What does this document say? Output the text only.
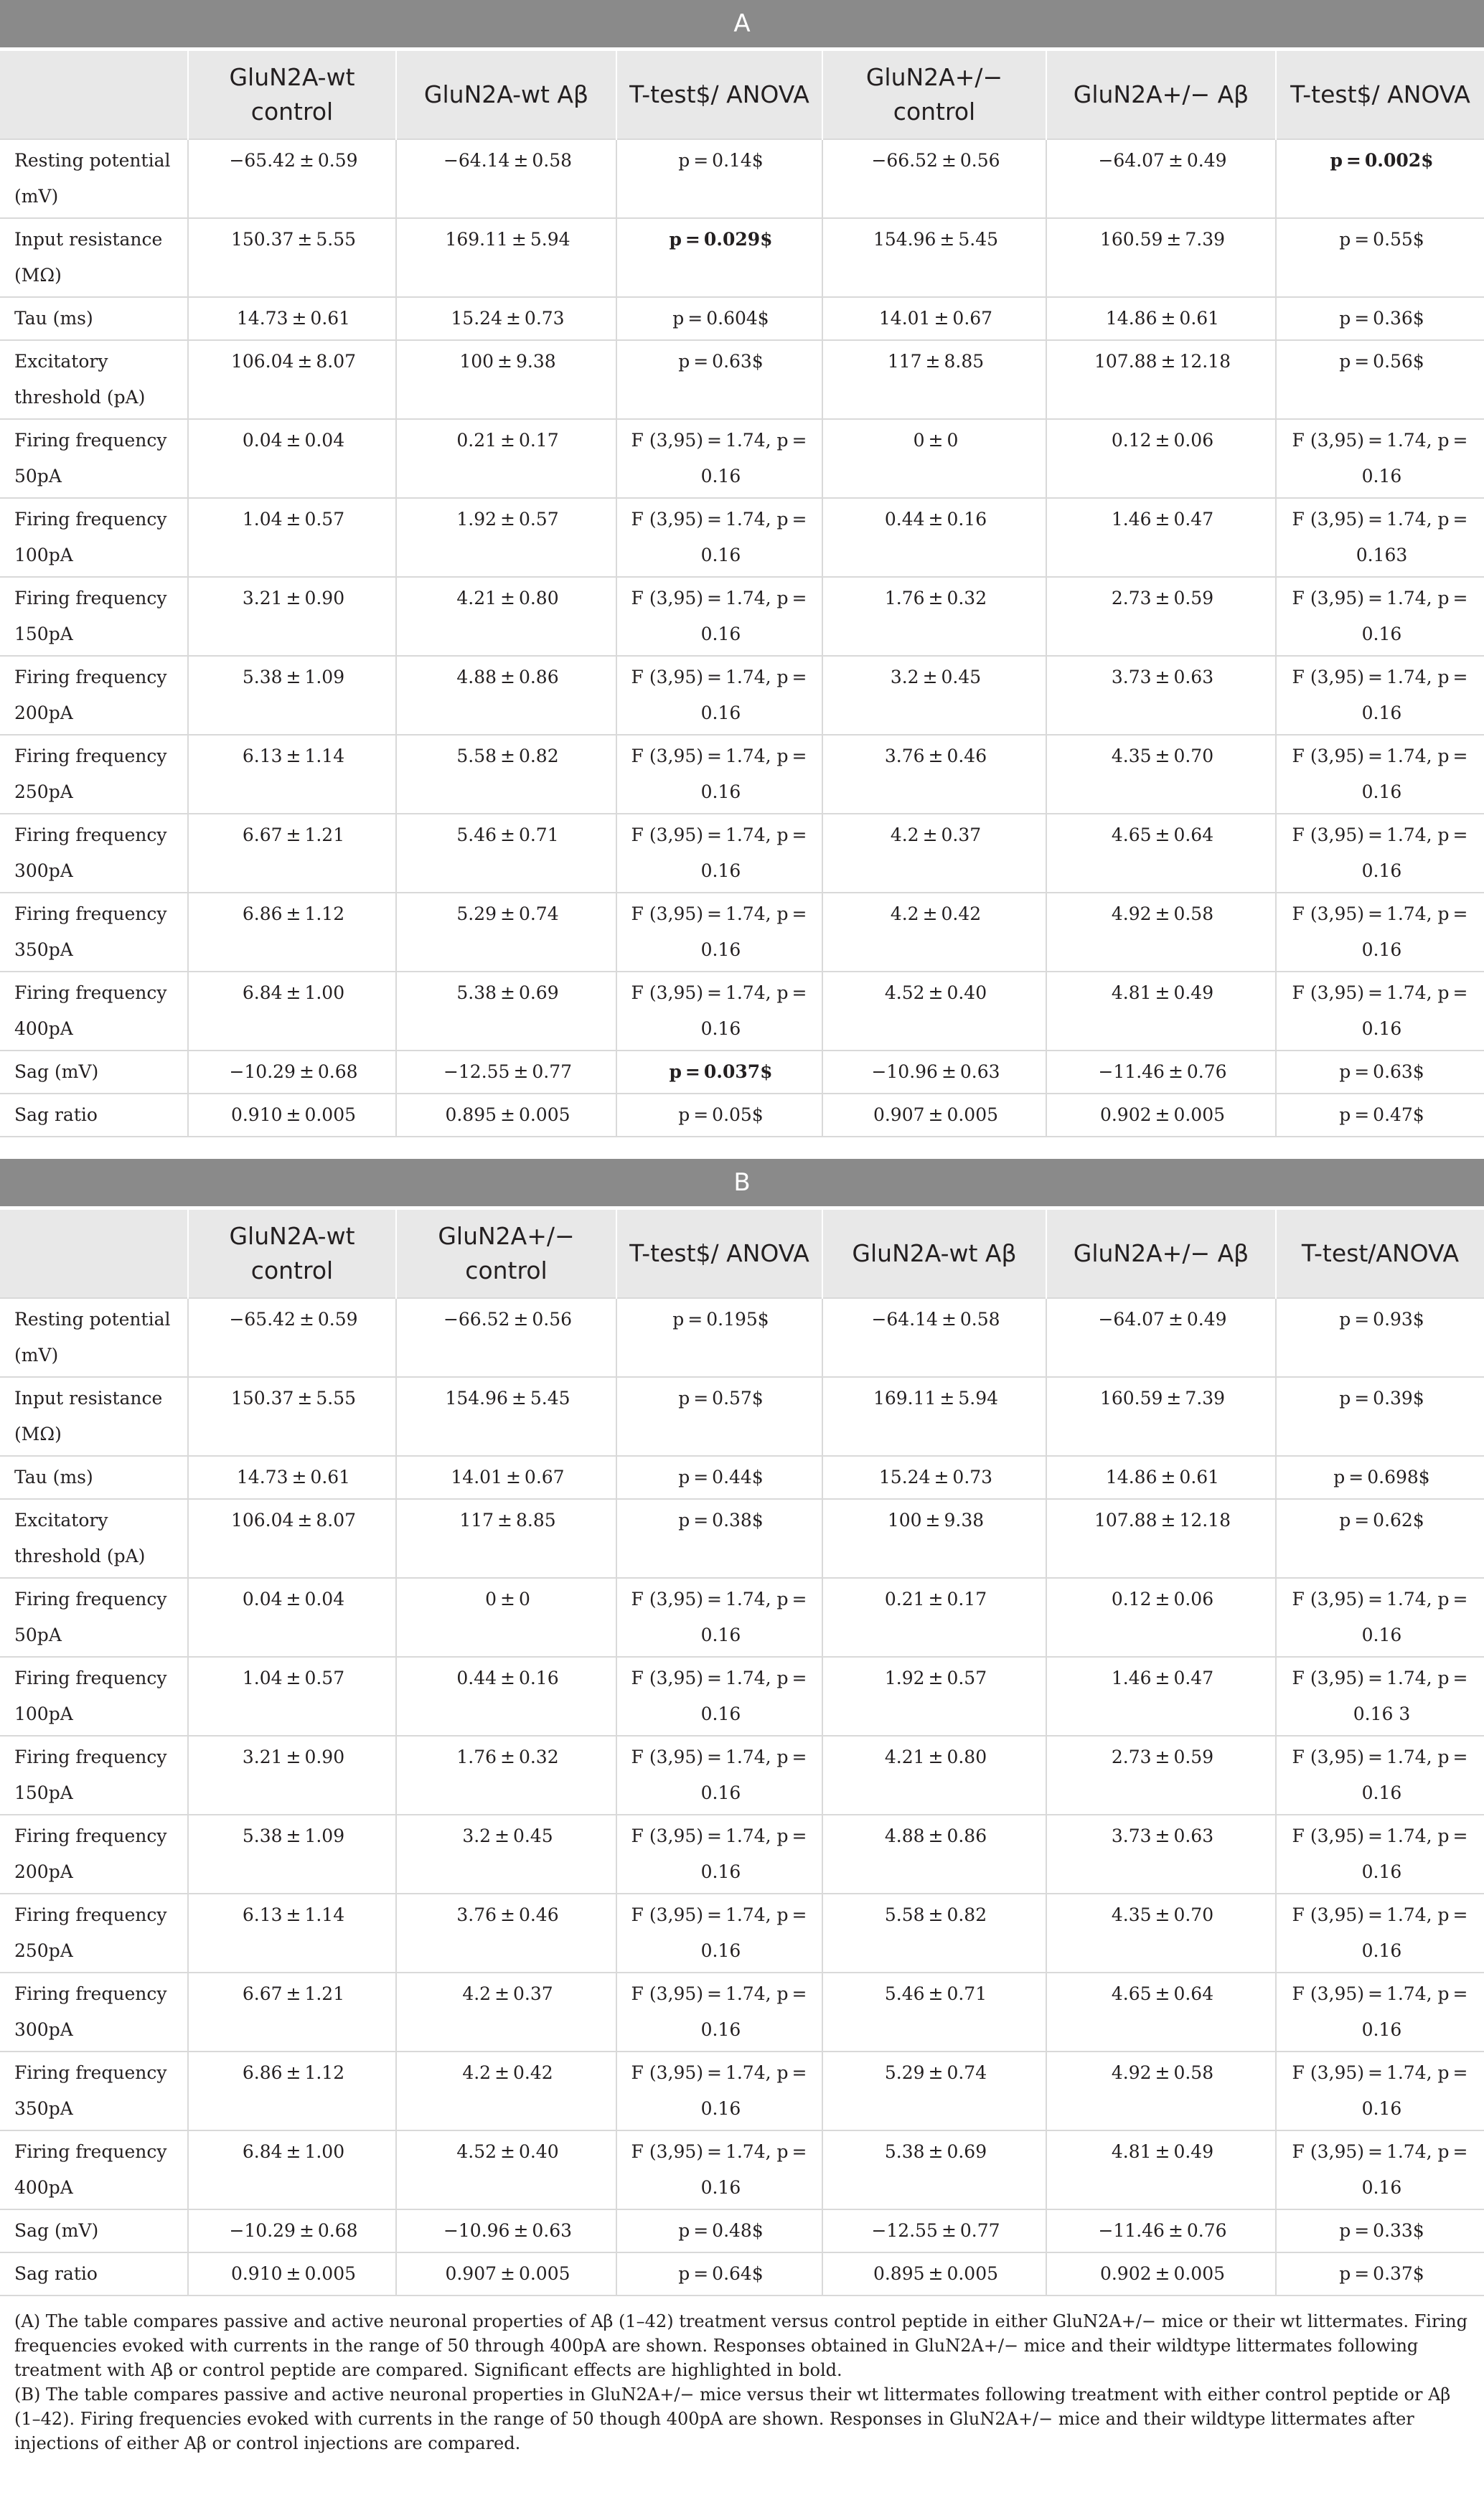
A
	GluN2A-wt control	GluN2A-wt Aβ	T-test$/ ANOVA	GluN2A+/− control	GluN2A+/− Aβ	T-test$/ ANOVA
Resting potential (mV)	−65.42 ± 0.59	−64.14 ± 0.58	p = 0.14$	−66.52 ± 0.56	−64.07 ± 0.49	p = 0.002$
Input resistance (MΩ)	150.37 ± 5.55	169.11 ± 5.94	p = 0.029$	154.96 ± 5.45	160.59 ± 7.39	p = 0.55$
Tau (ms)	14.73 ± 0.61	15.24 ± 0.73	p = 0.604$	14.01 ± 0.67	14.86 ± 0.61	p = 0.36$
Excitatory threshold (pA)	106.04 ± 8.07	100 ± 9.38	p = 0.63$	117 ± 8.85	107.88 ± 12.18	p = 0.56$
Firing frequency 50pA	0.04 ± 0.04	0.21 ± 0.17	F (3,95) = 1.74, p = 0.16	0 ± 0	0.12 ± 0.06	F (3,95) = 1.74, p = 0.16
Firing frequency 100pA	1.04 ± 0.57	1.92 ± 0.57	F (3,95) = 1.74, p = 0.16	0.44 ± 0.16	1.46 ± 0.47	F (3,95) = 1.74, p = 0.163
Firing frequency 150pA	3.21 ± 0.90	4.21 ± 0.80	F (3,95) = 1.74, p = 0.16	1.76 ± 0.32	2.73 ± 0.59	F (3,95) = 1.74, p = 0.16
Firing frequency 200pA	5.38 ± 1.09	4.88 ± 0.86	F (3,95) = 1.74, p = 0.16	3.2 ± 0.45	3.73 ± 0.63	F (3,95) = 1.74, p = 0.16
Firing frequency 250pA	6.13 ± 1.14	5.58 ± 0.82	F (3,95) = 1.74, p = 0.16	3.76 ± 0.46	4.35 ± 0.70	F (3,95) = 1.74, p = 0.16
Firing frequency 300pA	6.67 ± 1.21	5.46 ± 0.71	F (3,95) = 1.74, p = 0.16	4.2 ± 0.37	4.65 ± 0.64	F (3,95) = 1.74, p = 0.16
Firing frequency 350pA	6.86 ± 1.12	5.29 ± 0.74	F (3,95) = 1.74, p = 0.16	4.2 ± 0.42	4.92 ± 0.58	F (3,95) = 1.74, p = 0.16
Firing frequency 400pA	6.84 ± 1.00	5.38 ± 0.69	F (3,95) = 1.74, p = 0.16	4.52 ± 0.40	4.81 ± 0.49	F (3,95) = 1.74, p = 0.16
Sag (mV)	−10.29 ± 0.68	−12.55 ± 0.77	p = 0.037$	−10.96 ± 0.63	−11.46 ± 0.76	p = 0.63$
Sag ratio	0.910 ± 0.005	0.895 ± 0.005	p = 0.05$	0.907 ± 0.005	0.902 ± 0.005	p = 0.47$
B
	GluN2A-wt control	GluN2A+/− control	T-test$/ ANOVA	GluN2A-wt Aβ	GluN2A+/− Aβ	T-test/ANOVA
Resting potential (mV)	−65.42 ± 0.59	−66.52 ± 0.56	p = 0.195$	−64.14 ± 0.58	−64.07 ± 0.49	p = 0.93$
Input resistance (MΩ)	150.37 ± 5.55	154.96 ± 5.45	p = 0.57$	169.11 ± 5.94	160.59 ± 7.39	p = 0.39$
Tau (ms)	14.73 ± 0.61	14.01 ± 0.67	p = 0.44$	15.24 ± 0.73	14.86 ± 0.61	p = 0.698$
Excitatory threshold (pA)	106.04 ± 8.07	117 ± 8.85	p = 0.38$	100 ± 9.38	107.88 ± 12.18	p = 0.62$
Firing frequency 50pA	0.04 ± 0.04	0 ± 0	F (3,95) = 1.74, p = 0.16	0.21 ± 0.17	0.12 ± 0.06	F (3,95) = 1.74, p = 0.16
Firing frequency 100pA	1.04 ± 0.57	0.44 ± 0.16	F (3,95) = 1.74, p = 0.16	1.92 ± 0.57	1.46 ± 0.47	F (3,95) = 1.74, p = 0.16 3
Firing frequency 150pA	3.21 ± 0.90	1.76 ± 0.32	F (3,95) = 1.74, p = 0.16	4.21 ± 0.80	2.73 ± 0.59	F (3,95) = 1.74, p = 0.16
Firing frequency 200pA	5.38 ± 1.09	3.2 ± 0.45	F (3,95) = 1.74, p = 0.16	4.88 ± 0.86	3.73 ± 0.63	F (3,95) = 1.74, p = 0.16
Firing frequency 250pA	6.13 ± 1.14	3.76 ± 0.46	F (3,95) = 1.74, p = 0.16	5.58 ± 0.82	4.35 ± 0.70	F (3,95) = 1.74, p = 0.16
Firing frequency 300pA	6.67 ± 1.21	4.2 ± 0.37	F (3,95) = 1.74, p = 0.16	5.46 ± 0.71	4.65 ± 0.64	F (3,95) = 1.74, p = 0.16
Firing frequency 350pA	6.86 ± 1.12	4.2 ± 0.42	F (3,95) = 1.74, p = 0.16	5.29 ± 0.74	4.92 ± 0.58	F (3,95) = 1.74, p = 0.16
Firing frequency 400pA	6.84 ± 1.00	4.52 ± 0.40	F (3,95) = 1.74, p = 0.16	5.38 ± 0.69	4.81 ± 0.49	F (3,95) = 1.74, p = 0.16
Sag (mV)	−10.29 ± 0.68	−10.96 ± 0.63	p = 0.48$	−12.55 ± 0.77	−11.46 ± 0.76	p = 0.33$
Sag ratio	0.910 ± 0.005	0.907 ± 0.005	p = 0.64$	0.895 ± 0.005	0.902 ± 0.005	p = 0.37$

(A) The table compares passive and active neuronal properties of Aβ (1–42) treatment versus control peptide in either GluN2A+/− mice or their wt littermates. Firing frequencies evoked with currents in the range of 50 through 400pA are shown. Responses obtained in GluN2A+/− mice and their wildtype littermates following treatment with Aβ or control peptide are compared. Significant effects are highlighted in bold.

(B) The table compares passive and active neuronal properties in GluN2A+/− mice versus their wt littermates following treatment with either control peptide or Aβ (1–42). Firing frequencies evoked with currents in the range of 50 though 400pA are shown. Responses in GluN2A+/− mice and their wildtype littermates after injections of either Aβ or control injections are compared.
